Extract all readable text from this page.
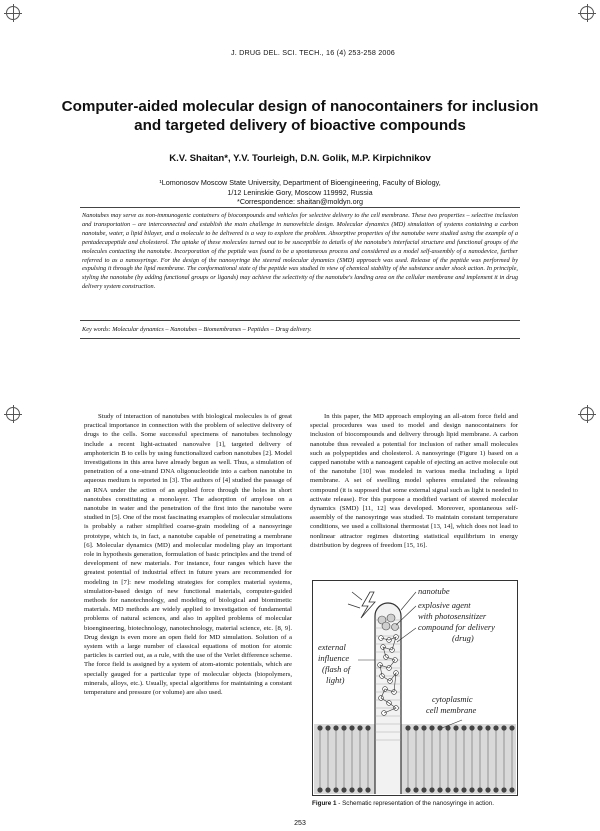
J. DRUG DEL. SCI. TECH., 16 (4) 253-258 2006
Computer-aided molecular design of nanocontainers for inclusion
and targeted delivery of bioactive compounds
K.V. Shaitan*, Y.V. Tourleigh, D.N. Golik, M.P. Kirpichnikov
¹Lomonosov Moscow State University, Department of Bioengineering, Faculty of Biology,
1/12 Leninskie Gory, Moscow 119992, Russia
*Correspondence: shaitan@moldyn.org
Nanotubes may serve as non-immunogenic containers of biocompounds and vehicles for selective delivery to the cell membrane. These two properties – selective inclusion and transportation – are interconnected and establish the main challenge in nanovehicle design. Molecular dynamics (MD) simulation of systems containing a carbon nanotube, water, a lipid bilayer, and a molecule to be delivered is a way to explore the problem. Absorptive properties of the nanotube were studied using the example of a pentadecapeptide and cholesterol. The uptake of these molecules turned out to be susceptible to details of the nanotube's interfacial structure and functional groups of the molecules contacting the nanotube. Incorporation of the peptide was found to be a spontaneous process and considered as a model self-assembly of a nanodevice, further referred to as a nanosyringe. For the design of the nanosyringe the steered molecular dynamics (SMD) approach was used. Release of the peptide was performed by expulsing it through the lipid membrane. The conformational state of the peptide was studied in view of chemical stability of the substance under shock action. In principle, styling the nanotube (by adding functional groups or ligands) may achieve the selectivity of the nanotube's landing area on the cellular membrane and implement it in drug delivery system construction.
Key words: Molecular dynamics – Nanotubes – Biomembranes – Peptides – Drug delivery.

Study of interaction of nanotubes with biological molecules is of great practical importance in connection with the problem of selective delivery of drugs to the cells. Some successful specimens of nanotubes technology include a recent light-actuated nanovalve [1], targeted delivery of amphotericin B to cells by using functionalized carbon nanotubes [2]. Model investigations in this area have already begun as well. Thus, a simulation of penetration of a one-strand DNA oligonucleotide into a carbon nanotube in aqueous medium is reported in [3]. The authors of [4] studied the passage of an RNA under the action of an applied force through the holes in short nanotubes constituting a monolayer. The adsorption of amylose on a nanotube in water and the penetration of the first into the nanotube were studied in [5]. One of the most fascinating examples of molecular simulations is probably a rather simplified coarse-grain modeling of a nanosyringe prototype, which is, in fact, a nanotube capable of penetrating a membrane [6]. Molecular dynamics (MD) and molecular modeling play an important role in hypothesis generation, formulation of basic principles and the trend of development of new materials. For instance, four ranges which have the greatest potential of industrial effect in future years are recommended for modeling in [7]: new modeling strategies for complex material systems, simulation-based design of new functional materials, computer-guided methods for nanotechnology, and modeling of biological and biomimetic materials. MD methods are widely applied to investigation of fundamental problems of natural sciences, and also in applied problems of molecular bioengineering, biotechnology, nanotechnology, material science, etc. [8, 9]. Drug design is even more an open field for MD simulation. Solution of a system with a large number of classical equations of motion for atomic particles is carried out, as a rule, with the use of the Verlet difference scheme. The force field is assigned by a system of atom-atomic potentials, which are specially gauged for a particular type of molecular objects (biopolymers, minerals, alloys, etc.). Usually, special algorithms for maintaining a constant temperature and pressure (or volume) are also used.

In this paper, the MD approach employing an all-atom force field and special procedures was used to model and design nanocontainers for inclusion of biocompounds and delivery through lipid membrane. A carbon nanotube thus revealed a potential for inclusion of rather small molecules such as polypeptides and cholesterol. A nanosyringe (Figure 1) based on a capped nanotube with a nanoagent capable of ejecting an active molecule out of the nanotube [10] was modeled in various media including a lipid membrane. A set of swelling model spheres emulated the releasing compound (it is supposed that some external signal such as light is needed to activate release). For this purpose a modified variant of steered molecular dynamics (SMD) [11, 12] was developed. Moreover, spontaneous self-assembly of the nanosyringe was studied. To maintain constant temperature conditions, we used a collisional thermostat [13, 14], which does not lead to nonlinear attractor regimes distorting statistical equilibrium in energy distribution by degrees of freedom [15, 16].

nanotube
explosive agent
with photosensitizer
compound for delivery
(drug)
external
influence
(flash of
light)
cytoplasmic
cell membrane
Figure 1 - Schematic representation of the nanosyringe in action.
253
